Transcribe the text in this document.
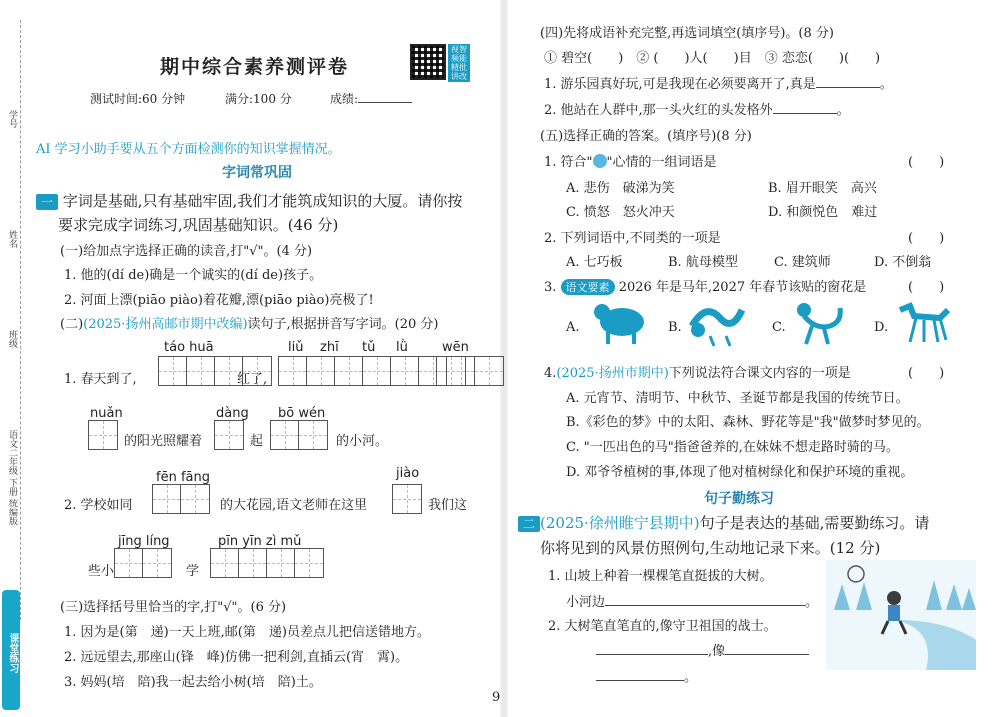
学号
姓名
班级
语文二年级 下册 统编版
课堂练习
期中综合素养测评卷
视智频能精批讲改
测试时间:60 分钟	满分:100 分	成绩:
AI 学习小助手要从五个方面检测你的知识掌握情况。
字词常巩固
一 字词是基础,只有基础牢固,我们才能筑成知识的大厦。请你按
要求完成字词练习,巩固基础知识。(46 分)
(一)给加点字选择正确的读音,打"√"。(4 分)
1. 他的(dí de)确是一个诚实的(dí de)孩子。
2. 河面上漂(piāo piào)着花瓣,漂(piāo piào)亮极了!
(二)(2025·扬州高邮市期中改编)读句子,根据拼音写字词。(20 分)
táo huā	liǔ zhī tǔ lǜ	wēn
1. 春天到了,	红了,
nuǎn	dàng bō wén
的阳光照耀着	起	的小河。
fēn fāng	jiào
2. 学校如同	的大花园,语文老师在这里	我们这
jīng líng	pīn yīn zì mǔ
些小	学
(三)选择括号里恰当的字,打"√"。(6 分)
1. 因为是(第　递)一天上班,邮(第　递)员差点儿把信送错地方。
2. 远远望去,那座山(锋　峰)仿佛一把利剑,直插云(宵　霄)。
3. 妈妈(培　陪)我一起去给小树(培　陪)土。
(四)先将成语补充完整,再选词填空(填序号)。(8 分)
① 碧空(　　)　② (　　)人(　　)目　③ 恋恋(　　)(　　)
1. 游乐园真好玩,可是我现在必须要离开了,真是	。
2. 他站在人群中,那一头火红的头发格外	。
(五)选择正确的答案。(填序号)(8 分)
1. 符合" "心情的一组词语是	(　　)
A. 悲伤　破涕为笑	B. 眉开眼笑　高兴
C. 愤怒　怒火冲天	D. 和颜悦色　难过
2. 下列词语中,不同类的一项是	(　　)
A. 七巧板	B. 航母模型	C. 建筑师	D. 不倒翁
3. 语文要素 2026 年是马年,2027 年春节该贴的窗花是	(　　)
A.	B.	C.	D.
4.(2025·扬州市期中)下列说法符合课文内容的一项是	(　　)
A. 元宵节、清明节、中秋节、圣诞节都是我国的传统节日。
B.《彩色的梦》中的太阳、森林、野花等是"我"做梦时梦见的。
C. "一匹出色的马"指爸爸养的,在妹妹不想走路时骑的马。
D. 邓爷爷植树的事,体现了他对植树绿化和保护环境的重视。
句子勤练习
二 (2025·徐州睢宁县期中)句子是表达的基础,需要勤练习。请
你将见到的风景仿照例句,生动地记录下来。(12 分)
1. 山坡上种着一棵棵笔直挺拔的大树。
小河边	。
2. 大树笔直笔直的,像守卫祖国的战士。
,像
。
9
